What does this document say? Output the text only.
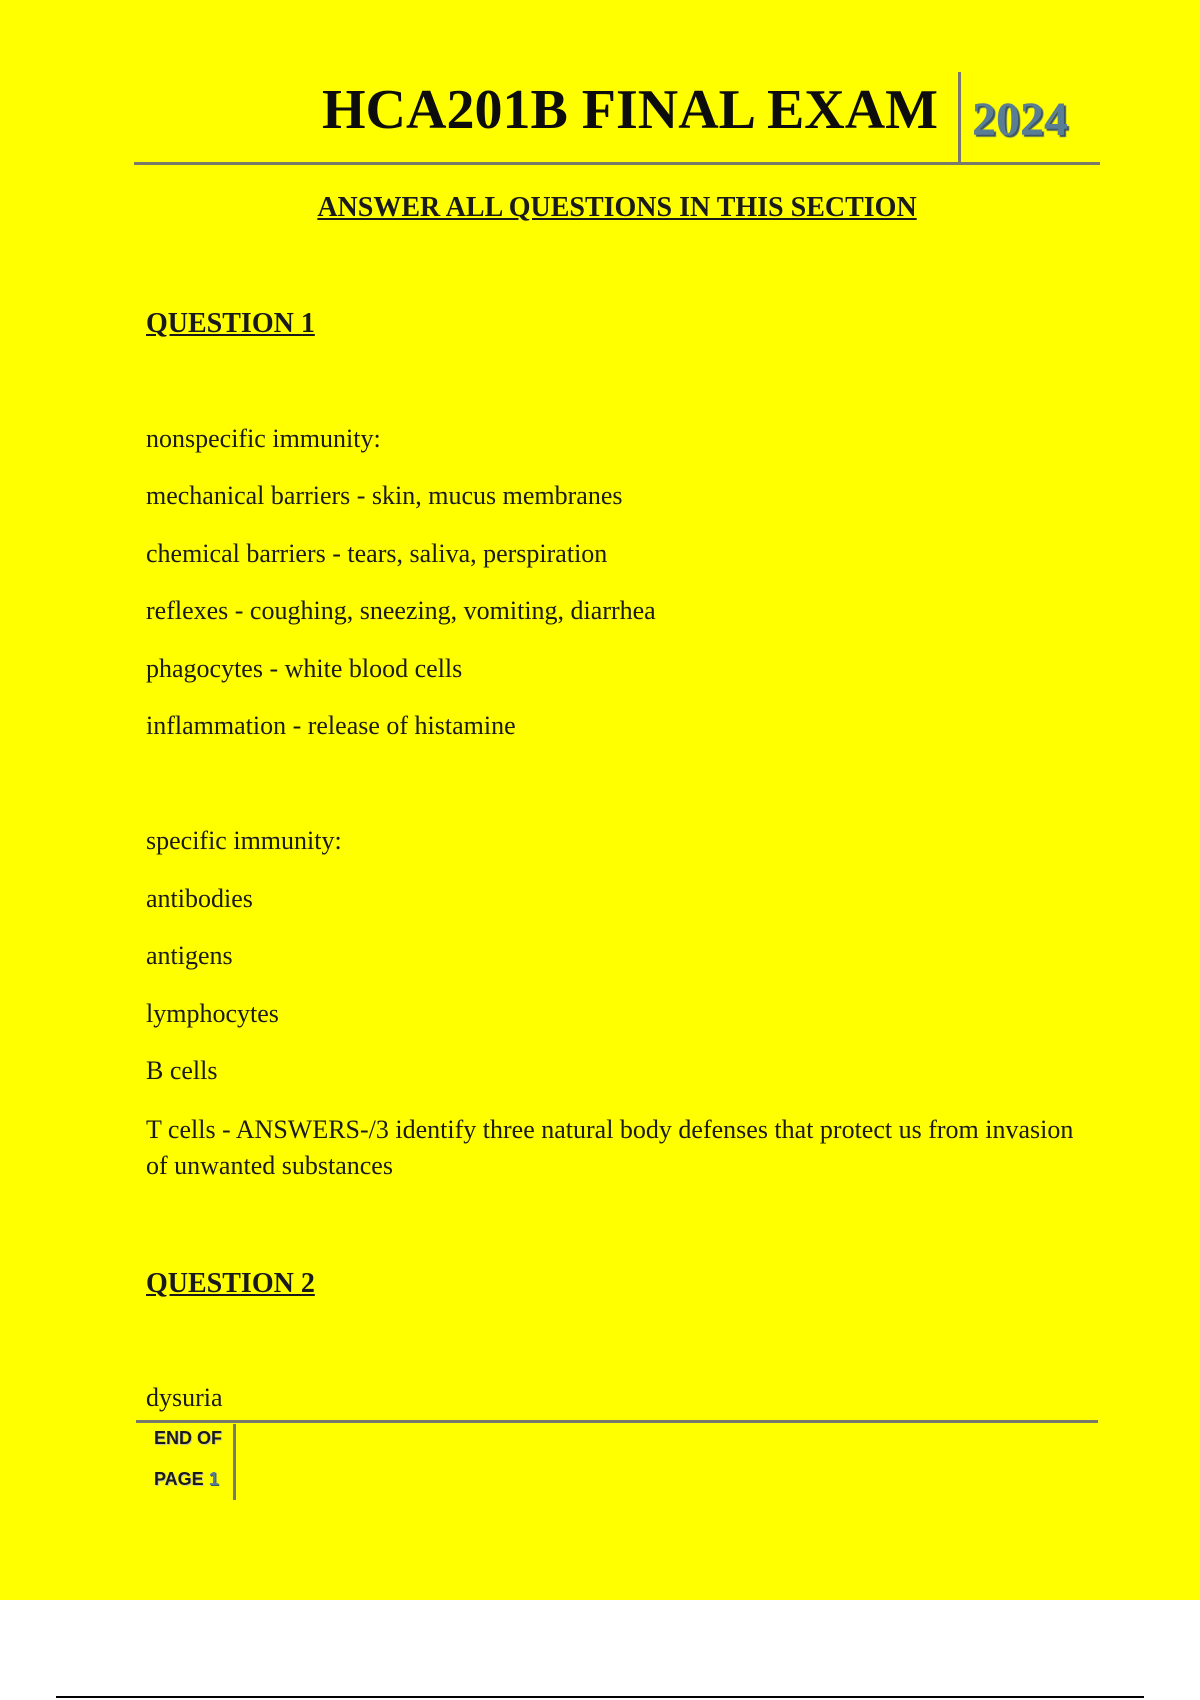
HCA201B FINAL EXAM 2024
ANSWER ALL QUESTIONS IN THIS SECTION
QUESTION 1
nonspecific immunity:
mechanical barriers - skin, mucus membranes
chemical barriers - tears, saliva, perspiration
reflexes - coughing, sneezing, vomiting, diarrhea
phagocytes - white blood cells
inflammation - release of histamine
specific immunity:
antibodies
antigens
lymphocytes
B cells
T cells - ANSWERS-/3 identify three natural body defenses that protect us from invasion of unwanted substances
QUESTION 2
dysuria
END OF
PAGE 1
